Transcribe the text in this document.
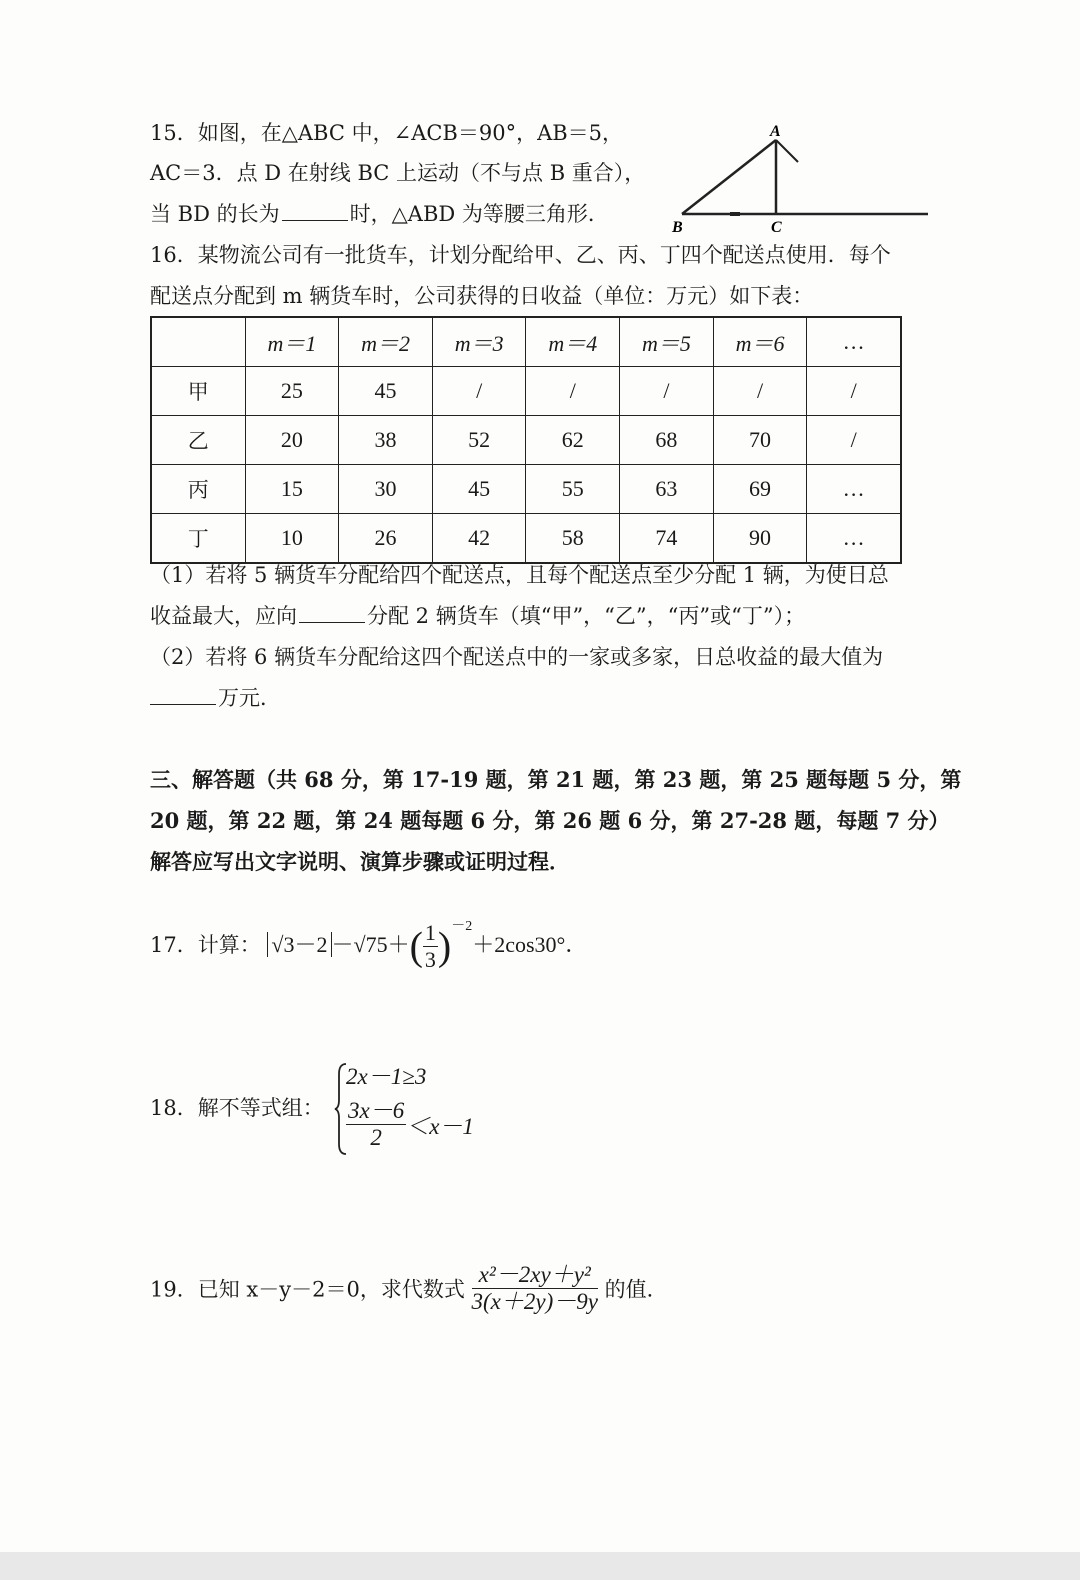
15．如图，在△ABC 中，∠ACB＝90°，AB＝5，
AC＝3．点 D 在射线 BC 上运动（不与点 B 重合），
当 BD 的长为	时，△ABD 为等腰三角形．
A
B	C
16．某物流公司有一批货车，计划分配给甲、乙、丙、丁四个配送点使用．每个
配送点分配到 m 辆货车时，公司获得的日收益（单位：万元）如下表：
	m＝1	m＝2	m＝3	m＝4	m＝5	m＝6	…
甲	25	45	/	/	/	/	/
乙	20	38	52	62	68	70	/
丙	15	30	45	55	63	69	…
丁	10	26	42	58	74	90	…
（1）若将 5 辆货车分配给四个配送点，且每个配送点至少分配 1 辆，为使日总
收益最大，应向	分配 2 辆货车（填“甲”，“乙”，“丙”或“丁”）；
（2）若将 6 辆货车分配给这四个配送点中的一家或多家，日总收益的最大值为
万元．
三、解答题（共 68 分，第 17-19 题，第 21 题，第 23 题，第 25 题每题 5 分，第
20 题，第 22 题，第 24 题每题 6 分，第 26 题 6 分，第 27-28 题，每题 7 分）
解答应写出文字说明、演算步骤或证明过程．
17．计算： $√3-2 -√75+( \frac{1}{3} )^{-2}+2\cos 30^\circ$．
18．解不等式组：
2x－1≥3
$\frac{3x-6}{2} <x-1$
19．已知 x－y－2＝0，求代数式 $\frac{\text{x²－2xy＋y²}}{3(x+2y)-9y}$ 的值．
